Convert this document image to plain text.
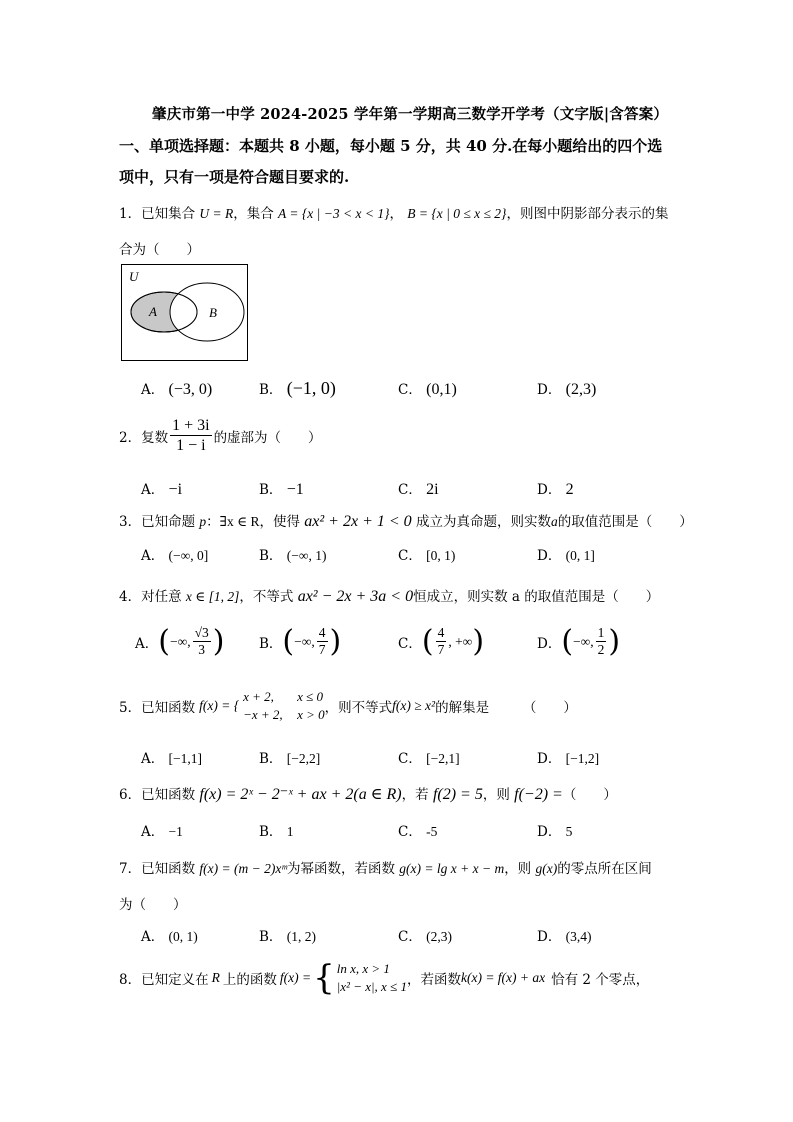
肇庆市第一中学 2024-2025 学年第一学期高三数学开学考（文字版|含答案）
一、单项选择题：本题共 8 小题，每小题 5 分，共 40 分.在每小题给出的四个选
项中，只有一项是符合题目要求的.
1．已知集合 U = R，集合 A = {x | −3 < x < 1}， B = {x | 0 ≤ x ≤ 2}，则图中阴影部分表示的集
合为（　　）
U
A	B
A． (−3, 0)	B． (−1, 0)	C． (0,1)	D． (2,3)
2． 复数 $\frac{1 + 3i}{1 - i}$ 的虚部为（　　）
A． −i	B． −1	C． 2i	D． 2
3．已知命题 p：∃x ∈ R，使得 ax² + 2x + 1 < 0 成立为真命题，则实数a的取值范围是（　　）
A． (−∞, 0]	B． (−∞, 1)	C． [0, 1)	D． (0, 1]
4．对任意 x ∈ [1, 2]，不等式 ax² − 2x + 3a < 0恒成立，则实数 a 的取值范围是（　　）
A． ( −∞, $\frac{√3}{3}$ )	B． ( −∞, $\frac{4}{7}$ )	C． ( $\frac{4}{7}$ , +∞ )	D． ( −∞, $\frac{1}{2}$ )
5． 已知函数 f(x) = {
x + 2, x ≤ 0
−x + 2, x > 0 ，则不等式 f(x) ≥ x² 的解集是　　　（　　）
A． [−1,1]	B． [−2,2]	C． [−2,1]	D． [−1,2]
6．已知函数 f(x) = 2ˣ − 2⁻ˣ + ax + 2(a ∈ R)，若 f(2) = 5，则 f(−2) =（　　）
A． −1	B． 1	C． -5	D． 5
7．已知函数 f(x) = (m − 2)xᵐ为幂函数，若函数 g(x) = lg x + x − m，则 g(x)的零点所在区间
为（　　）
A． (0, 1)	B． (1, 2)	C． (2,3)	D． (3,4)
8． 已知定义在 R 上的函数 f(x) = { ln x, x > 1
|x² − x|, x ≤ 1 ，若函数 k(x) = f(x) + ax 恰有 2 个零点，
